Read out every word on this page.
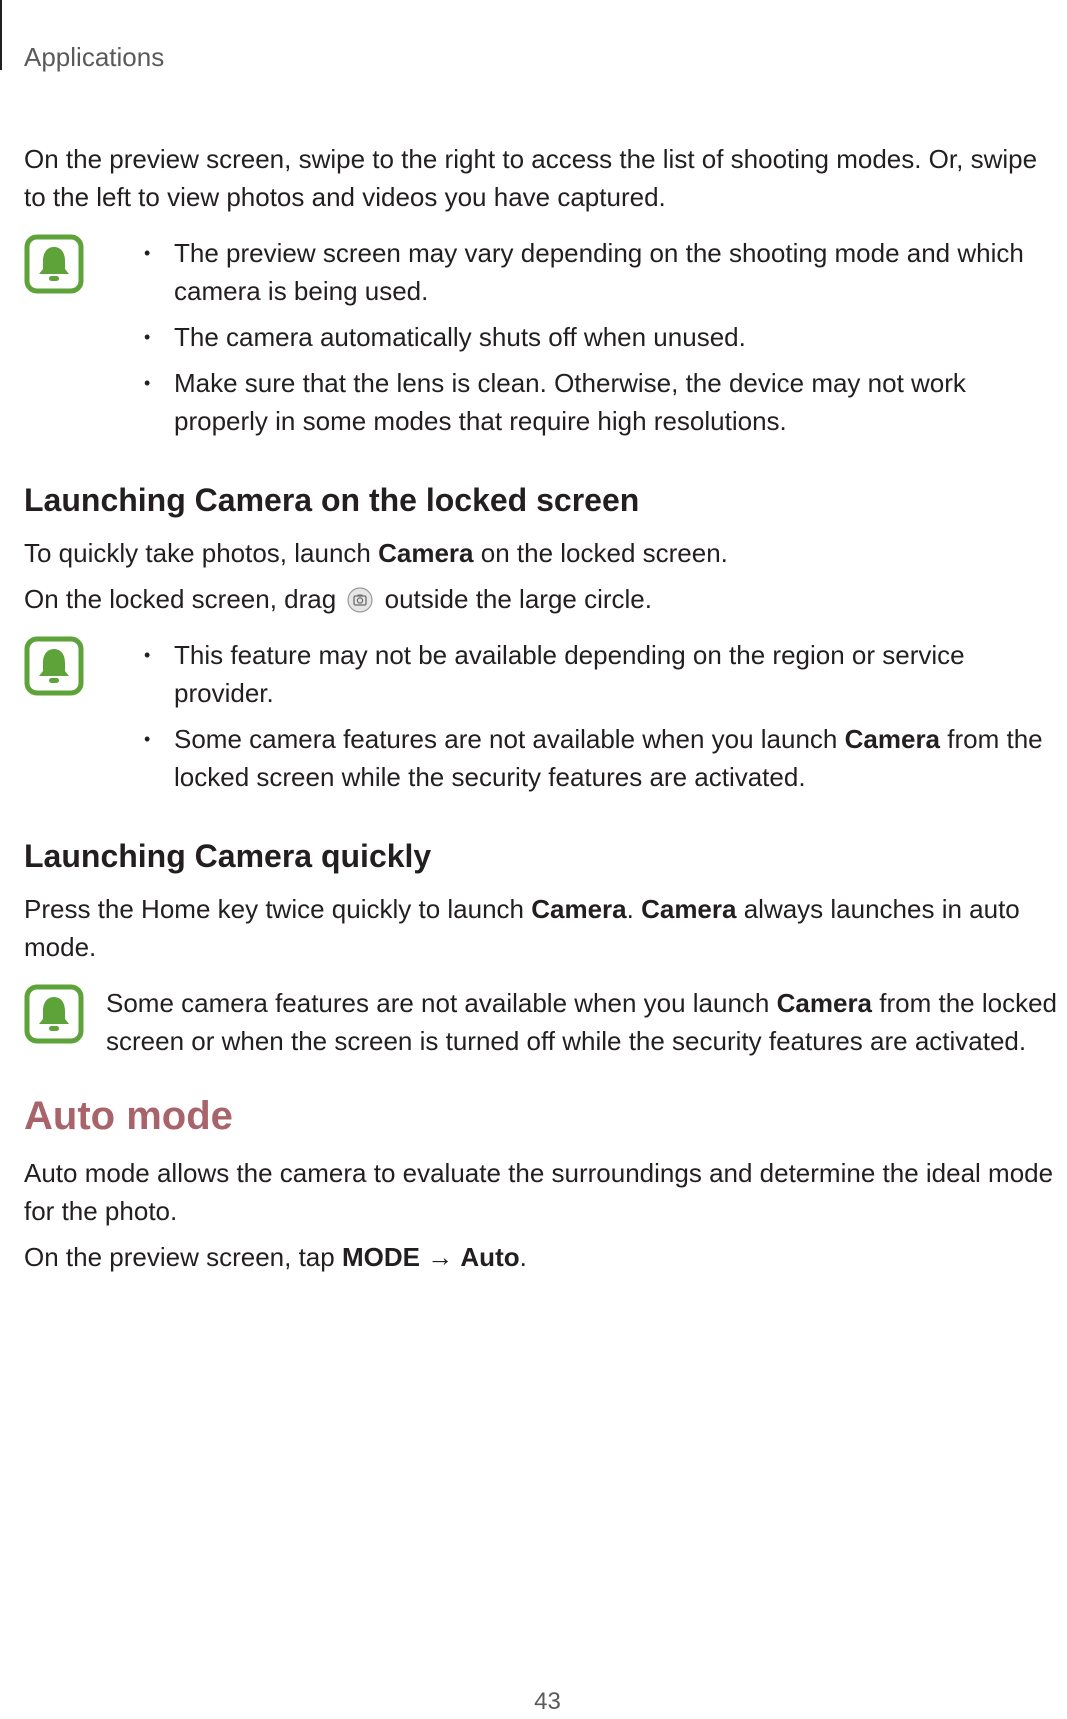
Applications

On the preview screen, swipe to the right to access the list of shooting modes. Or, swipe to the left to view photos and videos you have captured.

• The preview screen may vary depending on the shooting mode and which camera is being used.
• The camera automatically shuts off when unused.
• Make sure that the lens is clean. Otherwise, the device may not work properly in some modes that require high resolutions.
Launching Camera on the locked screen

To quickly take photos, launch Camera on the locked screen.

On the locked screen, drag  outside the large circle.

• This feature may not be available depending on the region or service provider.
• Some camera features are not available when you launch Camera from the locked screen while the security features are activated.
Launching Camera quickly

Press the Home key twice quickly to launch Camera. Camera always launches in auto mode.

Some camera features are not available when you launch Camera from the locked screen or when the screen is turned off while the security features are activated.
Auto mode

Auto mode allows the camera to evaluate the surroundings and determine the ideal mode for the photo.

On the preview screen, tap MODE → Auto.

43
